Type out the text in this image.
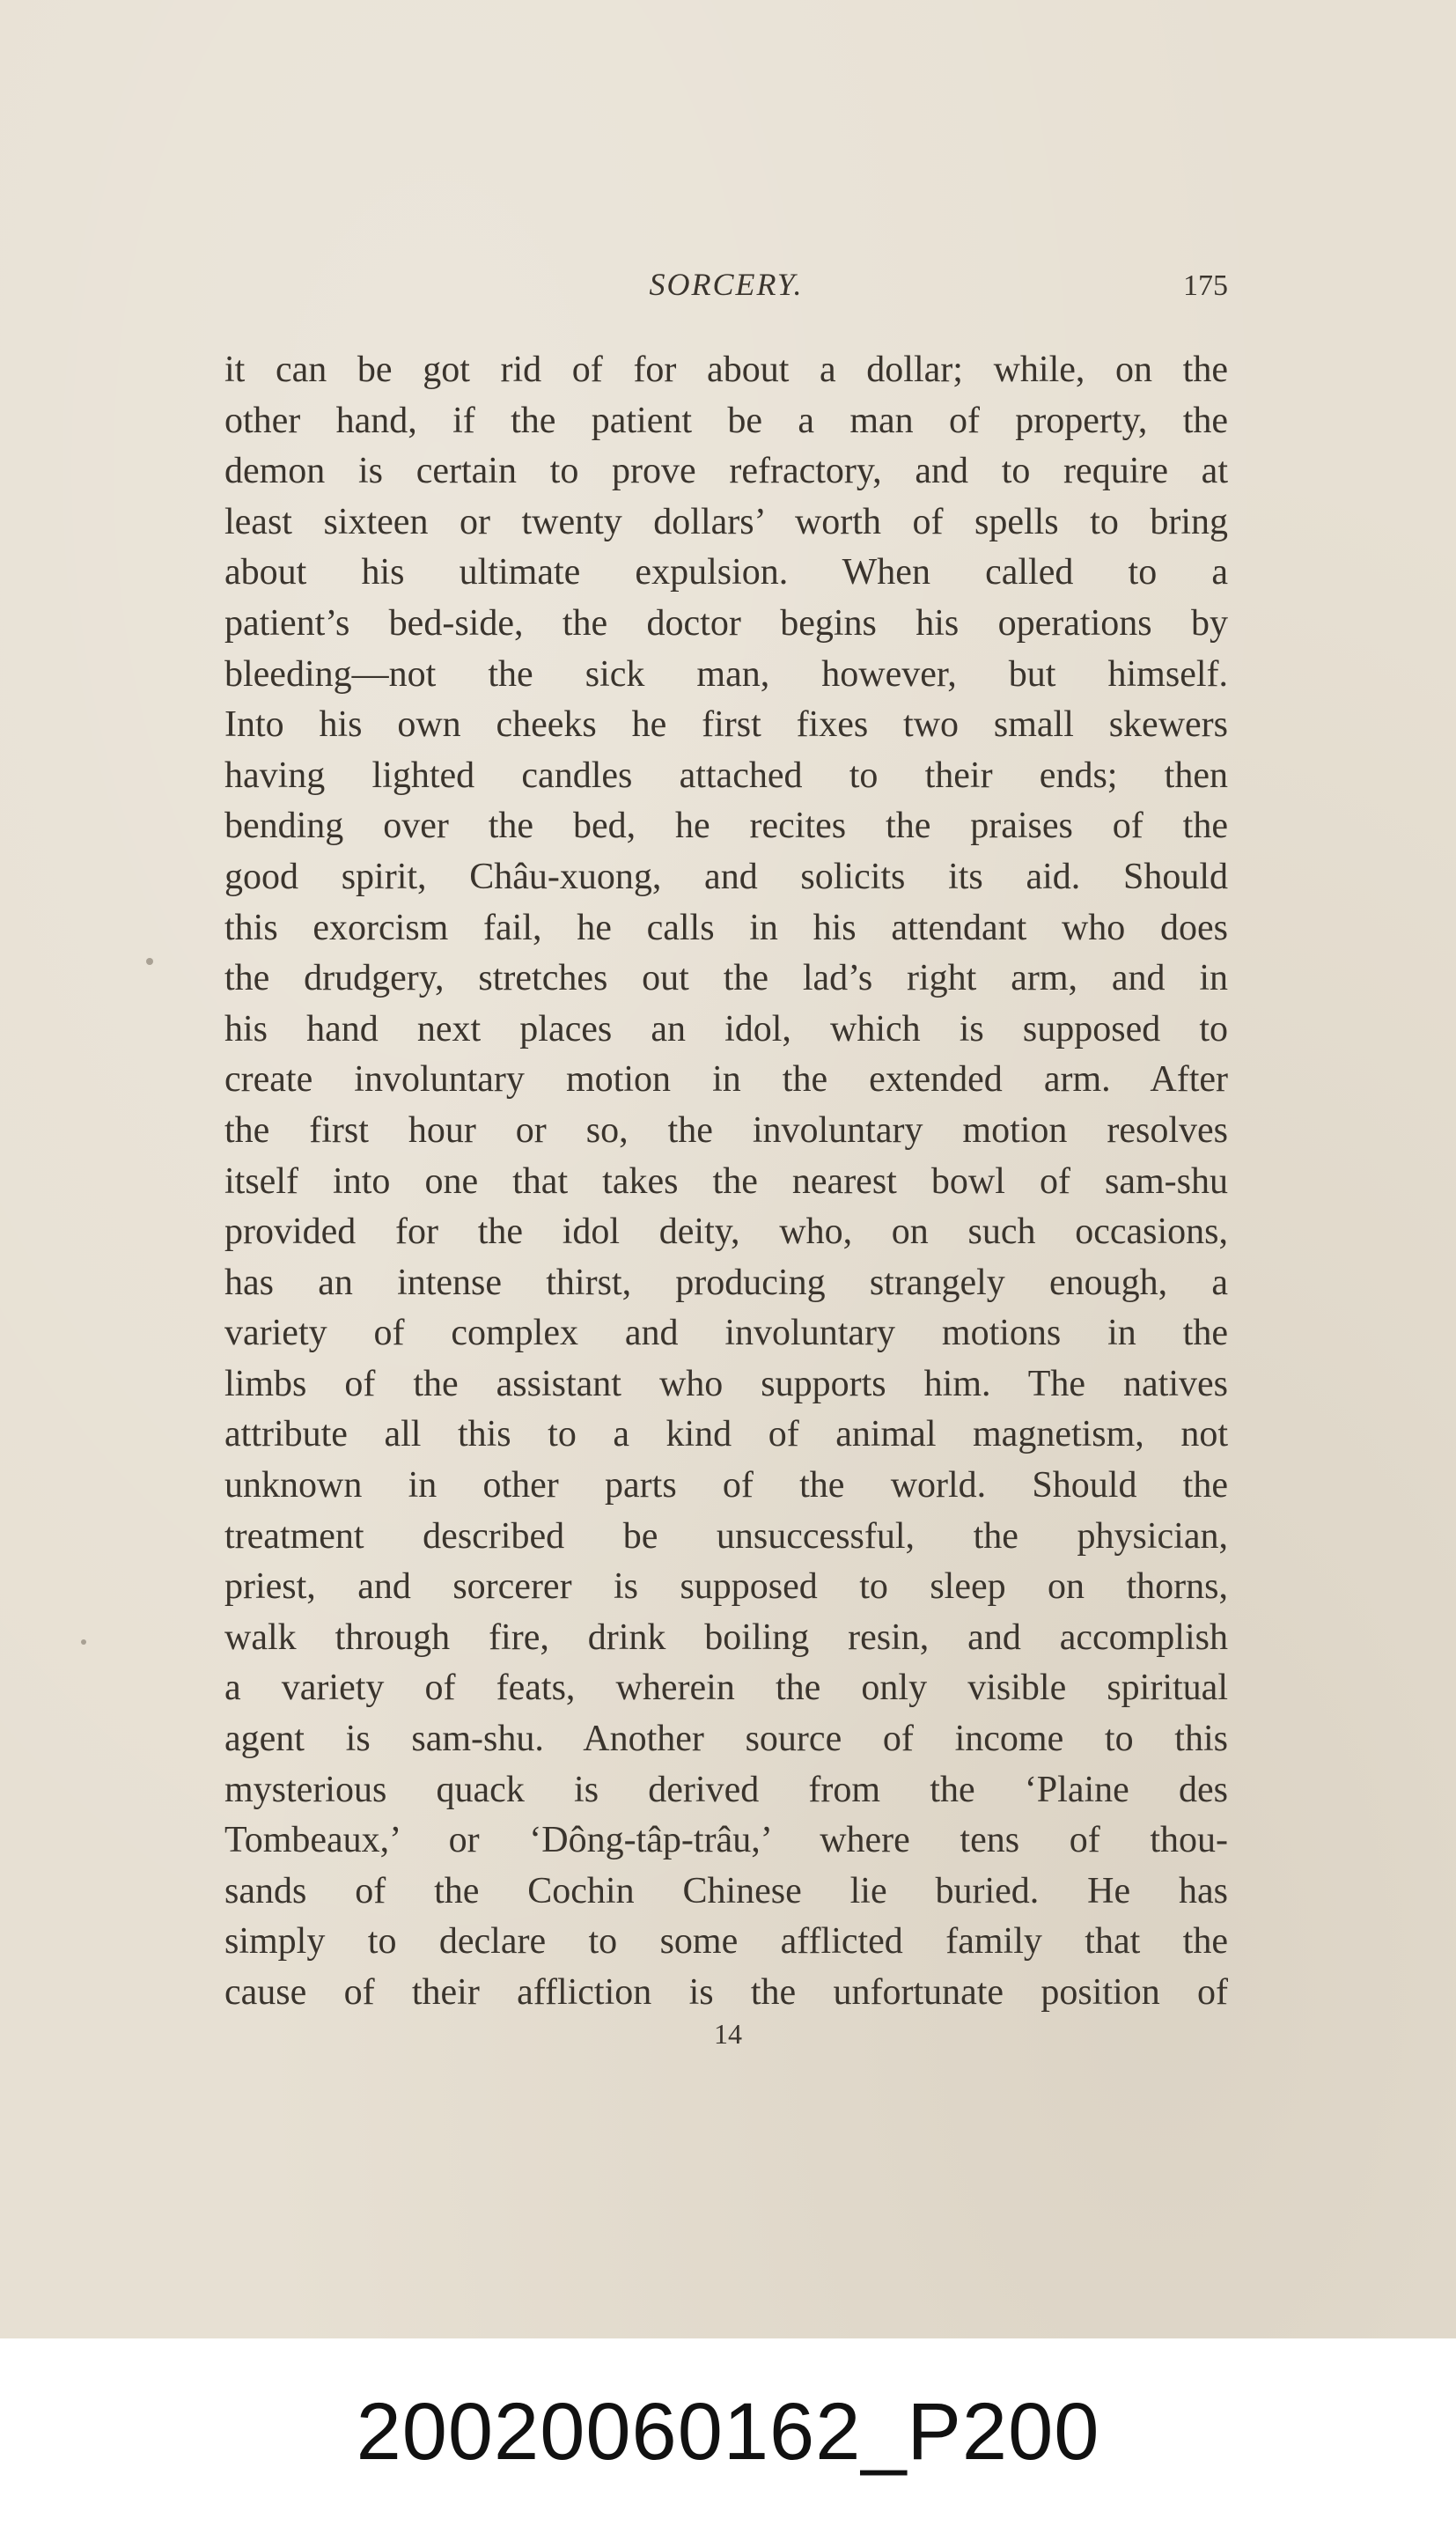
SORCERY.	175
it can be got rid of for about a dollar; while, on the
other hand, if the patient be a man of property, the
demon is certain to prove refractory, and to require at
least sixteen or twenty dollars’ worth of spells to bring
about his ultimate expulsion. When called to a
patient’s bed-side, the doctor begins his operations by
bleeding—not the sick man, however, but himself.
Into his own cheeks he first fixes two small skewers
having lighted candles attached to their ends; then
bending over the bed, he recites the praises of the
good spirit, Châu-xuong, and solicits its aid. Should
this exorcism fail, he calls in his attendant who does
the drudgery, stretches out the lad’s right arm, and in
his hand next places an idol, which is supposed to
create involuntary motion in the extended arm. After
the first hour or so, the involuntary motion resolves
itself into one that takes the nearest bowl of sam-shu
provided for the idol deity, who, on such occasions,
has an intense thirst, producing strangely enough, a
variety of complex and involuntary motions in the
limbs of the assistant who supports him. The natives
attribute all this to a kind of animal magnetism, not
unknown in other parts of the world. Should the
treatment described be unsuccessful, the physician,
priest, and sorcerer is supposed to sleep on thorns,
walk through fire, drink boiling resin, and accomplish
a variety of feats, wherein the only visible spiritual
agent is sam-shu. Another source of income to this
mysterious quack is derived from the ‘Plaine des
Tombeaux,’ or ‘Dông-tâp-trâu,’ where tens of thou-
sands of the Cochin Chinese lie buried. He has
simply to declare to some afflicted family that the
cause of their affliction is the unfortunate position of
14
20020060162_P200
